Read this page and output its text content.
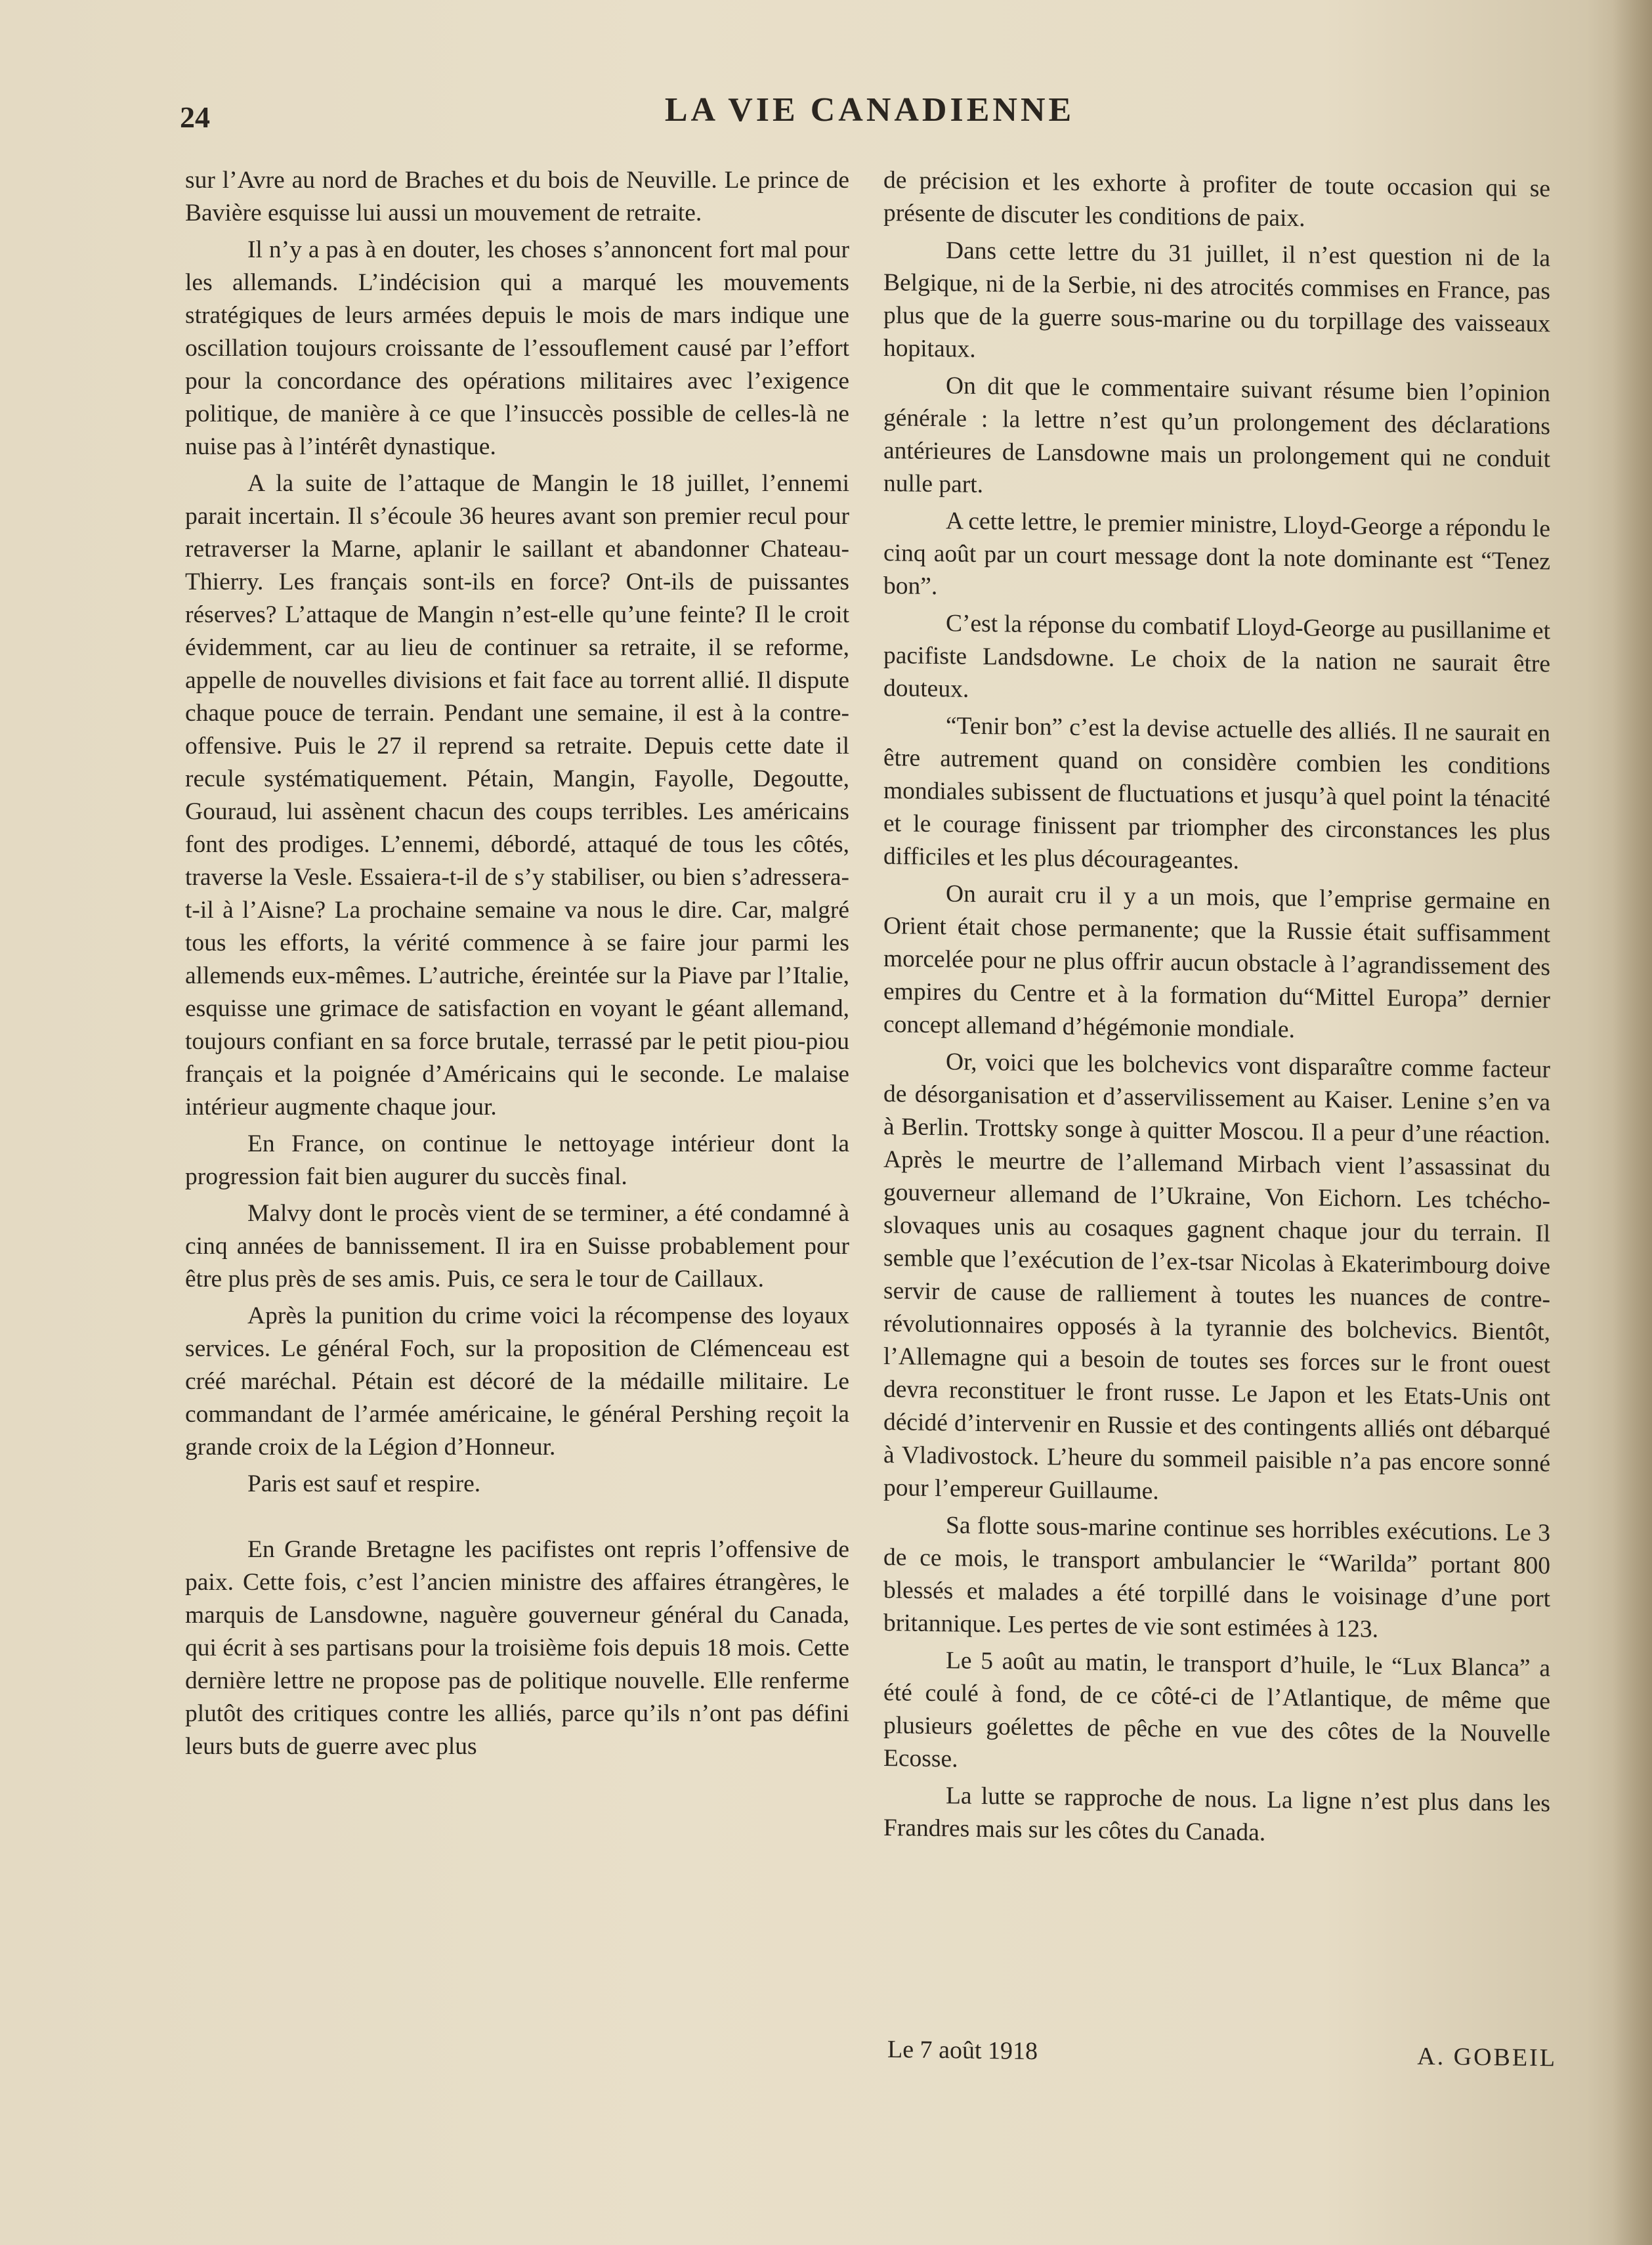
24	LA VIE CANADIENNE

sur l’Avre au nord de Braches et du bois de Neuville. Le prince de Bavière esquisse lui aussi un mouvement de retraite.

Il n’y a pas à en douter, les choses s’annoncent fort mal pour les allemands. L’indécision qui a marqué les mouvements stratégiques de leurs armées depuis le mois de mars indique une oscillation toujours croissante de l’essouflement causé par l’effort pour la concordance des opérations militaires avec l’exigence politique, de manière à ce que l’insuccès possible de celles-là ne nuise pas à l’intérêt dynastique.

A la suite de l’attaque de Mangin le 18 juillet, l’ennemi parait incertain. Il s’écoule 36 heures avant son premier recul pour retraverser la Marne, aplanir le saillant et abandonner Chateau-Thierry. Les français sont-ils en force? Ont-ils de puissantes réserves? L’attaque de Mangin n’est-elle qu’une feinte? Il le croit évidemment, car au lieu de continuer sa retraite, il se reforme, appelle de nouvelles divisions et fait face au torrent allié. Il dispute chaque pouce de terrain. Pendant une semaine, il est à la contre-offensive. Puis le 27 il reprend sa retraite. Depuis cette date il recule systématiquement. Pétain, Mangin, Fayolle, Degoutte, Gouraud, lui assènent chacun des coups terribles. Les américains font des prodiges. L’ennemi, débordé, attaqué de tous les côtés, traverse la Vesle. Essaiera-t-il de s’y stabiliser, ou bien s’adressera-t-il à l’Aisne? La prochaine semaine va nous le dire. Car, malgré tous les efforts, la vérité commence à se faire jour parmi les allemends eux-mêmes. L’autriche, éreintée sur la Piave par l’Italie, esquisse une grimace de satisfaction en voyant le géant allemand, toujours confiant en sa force brutale, terrassé par le petit piou-piou français et la poignée d’Américains qui le seconde. Le malaise intérieur augmente chaque jour.

En France, on continue le nettoyage intérieur dont la progression fait bien augurer du succès final.

Malvy dont le procès vient de se terminer, a été condamné à cinq années de bannissement. Il ira en Suisse probablement pour être plus près de ses amis. Puis, ce sera le tour de Caillaux.

Après la punition du crime voici la récompense des loyaux services. Le général Foch, sur la proposition de Clémenceau est créé maréchal. Pétain est décoré de la médaille militaire. Le commandant de l’armée américaine, le général Pershing reçoit la grande croix de la Légion d’Honneur.

Paris est sauf et respire.

En Grande Bretagne les pacifistes ont repris l’offensive de paix. Cette fois, c’est l’ancien ministre des affaires étrangères, le marquis de Lansdowne, naguère gouverneur général du Canada, qui écrit à ses partisans pour la troisième fois depuis 18 mois. Cette dernière lettre ne propose pas de politique nouvelle. Elle renferme plutôt des critiques contre les alliés, parce qu’ils n’ont pas défini leurs buts de guerre avec plus

de précision et les exhorte à profiter de toute occasion qui se présente de discuter les conditions de paix.

Dans cette lettre du 31 juillet, il n’est question ni de la Belgique, ni de la Serbie, ni des atrocités commises en France, pas plus que de la guerre sous-marine ou du torpillage des vaisseaux hopitaux.

On dit que le commentaire suivant résume bien l’opinion générale : la lettre n’est qu’un prolongement des déclarations antérieures de Lansdowne mais un prolongement qui ne conduit nulle part.

A cette lettre, le premier ministre, Lloyd-George a répondu le cinq août par un court message dont la note dominante est “Tenez bon”.

C’est la réponse du combatif Lloyd-George au pusillanime et pacifiste Landsdowne. Le choix de la nation ne saurait être douteux.

“Tenir bon” c’est la devise actuelle des alliés. Il ne saurait en être autrement quand on considère combien les conditions mondiales subissent de fluctuations et jusqu’à quel point la ténacité et le courage finissent par triompher des circonstances les plus difficiles et les plus décourageantes.

On aurait cru il y a un mois, que l’emprise germaine en Orient était chose permanente; que la Russie était suffisamment morcelée pour ne plus offrir aucun obstacle à l’agrandissement des empires du Centre et à la formation du“Mittel Europa” dernier concept allemand d’hégémonie mondiale.

Or, voici que les bolchevics vont disparaître comme facteur de désorganisation et d’asservilissement au Kaiser. Lenine s’en va à Berlin. Trottsky songe à quitter Moscou. Il a peur d’une réaction. Après le meurtre de l’allemand Mirbach vient l’assassinat du gouverneur allemand de l’Ukraine, Von Eichorn. Les tchécho-slovaques unis au cosaques gagnent chaque jour du terrain. Il semble que l’exécution de l’ex-tsar Nicolas à Ekaterimbourg doive servir de cause de ralliement à toutes les nuances de contre-révolutionnaires opposés à la tyrannie des bolchevics. Bientôt, l’Allemagne qui a besoin de toutes ses forces sur le front ouest devra reconstituer le front russe. Le Japon et les Etats-Unis ont décidé d’intervenir en Russie et des contingents alliés ont débarqué à Vladivostock. L’heure du sommeil paisible n’a pas encore sonné pour l’empereur Guillaume.

Sa flotte sous-marine continue ses horribles exécutions. Le 3 de ce mois, le transport ambulancier le “Warilda” portant 800 blessés et malades a été torpillé dans le voisinage d’une port britannique. Les pertes de vie sont estimées à 123.

Le 5 août au matin, le transport d’huile, le “Lux Blanca” a été coulé à fond, de ce côté-ci de l’Atlantique, de même que plusieurs goélettes de pêche en vue des côtes de la Nouvelle Ecosse.

La lutte se rapproche de nous. La ligne n’est plus dans les Frandres mais sur les côtes du Canada.

Le 7 août 1918	A. GOBEIL
